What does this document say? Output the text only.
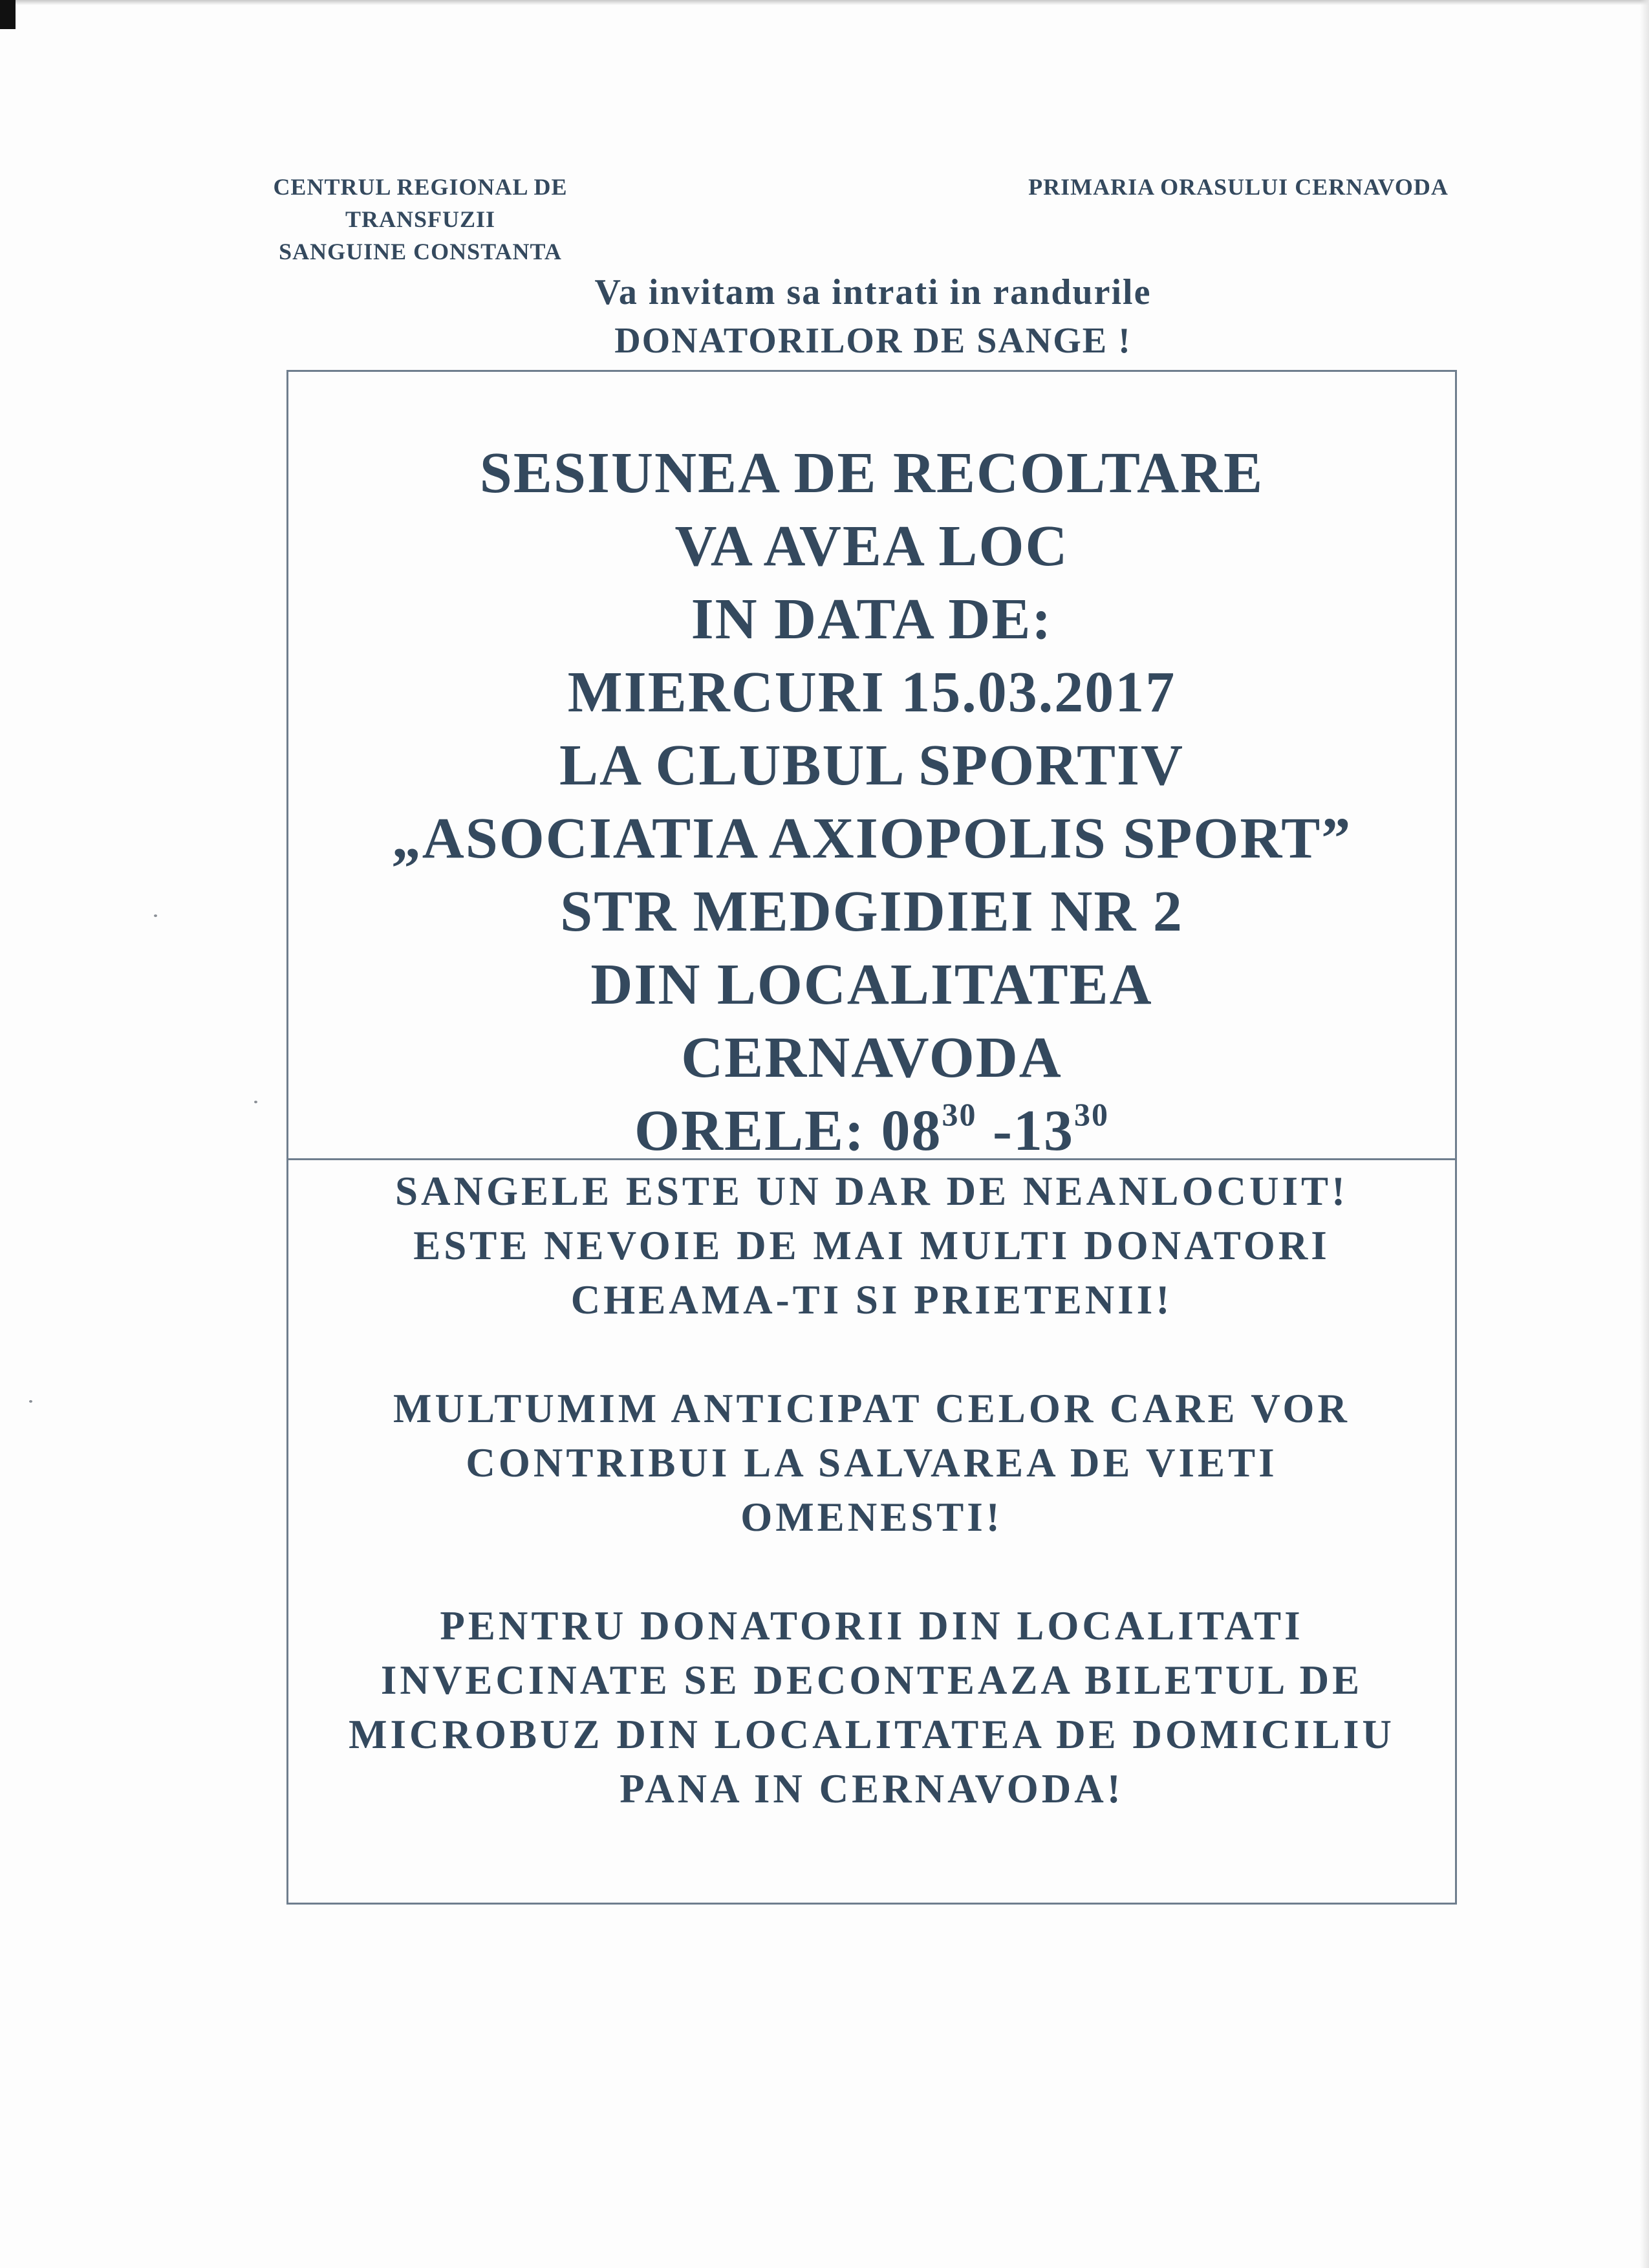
CENTRUL REGIONAL DE TRANSFUZII
SANGUINE CONSTANTA
PRIMARIA ORASULUI CERNAVODA
Va invitam sa intrati in randurile
DONATORILOR DE SANGE !
SESIUNEA DE RECOLTARE
VA AVEA LOC
IN DATA DE:
MIERCURI 15.03.2017
LA CLUBUL SPORTIV
„ASOCIATIA AXIOPOLIS SPORT”
STR MEDGIDIEI NR 2
DIN LOCALITATEA
CERNAVODA
ORELE: $08^{30}$ $-13^{30}$
SANGELE ESTE UN DAR DE NEANLOCUIT!
ESTE NEVOIE DE MAI MULTI DONATORI
CHEAMA-TI SI PRIETENII!
MULTUMIM ANTICIPAT CELOR CARE VOR
CONTRIBUI LA SALVAREA DE VIETI
OMENESTI!
PENTRU DONATORII DIN LOCALITATI
INVECINATE SE DECONTEAZA BILETUL DE
MICROBUZ DIN LOCALITATEA DE DOMICILIU
PANA IN CERNAVODA!
